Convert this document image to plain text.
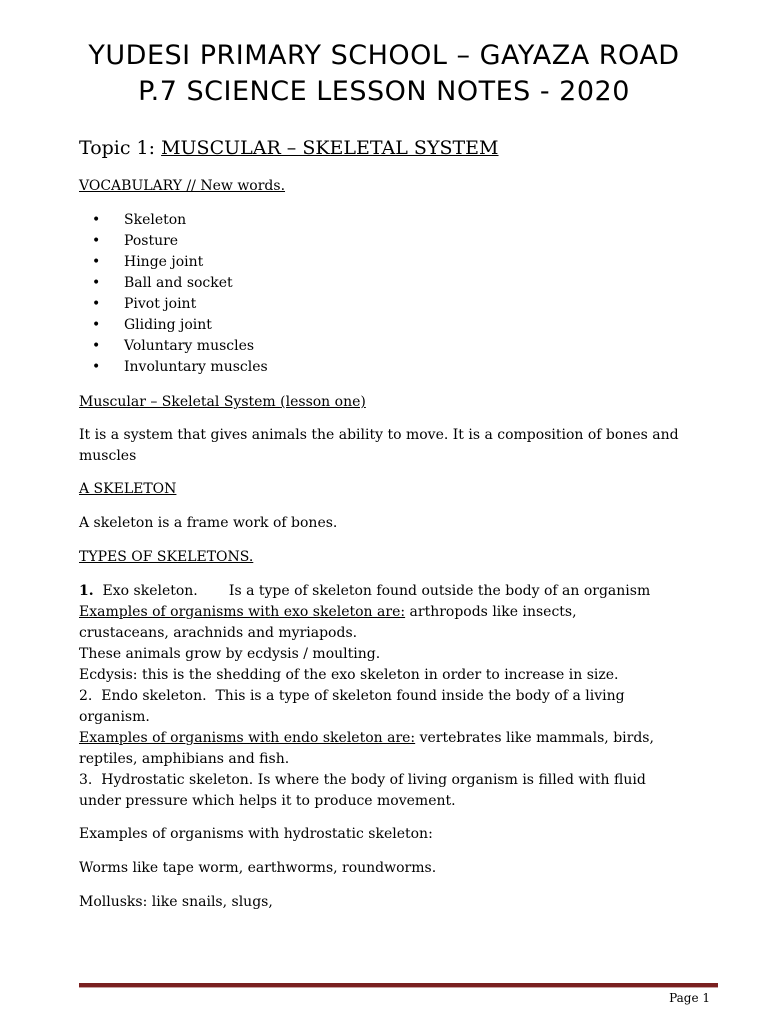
YUDESI PRIMARY SCHOOL – GAYAZA ROAD
P.7 SCIENCE LESSON NOTES - 2020
Topic 1: MUSCULAR – SKELETAL SYSTEM
VOCABULARY // New words.
• Skeleton
• Posture
• Hinge joint
• Ball and socket
• Pivot joint
• Gliding joint
• Voluntary muscles
• Involuntary muscles
Muscular – Skeletal System (lesson one)
It is a system that gives animals the ability to move. It is a composition of bones and
muscles
A SKELETON
A skeleton is a frame work of bones.
TYPES OF SKELETONS.
1.  Exo skeleton.       Is a type of skeleton found outside the body of an organism
Examples of organisms with exo skeleton are: arthropods like insects,
crustaceans, arachnids and myriapods.
These animals grow by ecdysis / moulting.
Ecdysis: this is the shedding of the exo skeleton in order to increase in size.
2.  Endo skeleton.  This is a type of skeleton found inside the body of a living
organism.
Examples of organisms with endo skeleton are: vertebrates like mammals, birds,
reptiles, amphibians and fish.
3.  Hydrostatic skeleton. Is where the body of living organism is filled with fluid
under pressure which helps it to produce movement.
Examples of organisms with hydrostatic skeleton:
Worms like tape worm, earthworms, roundworms.
Mollusks: like snails, slugs,
Page 1
